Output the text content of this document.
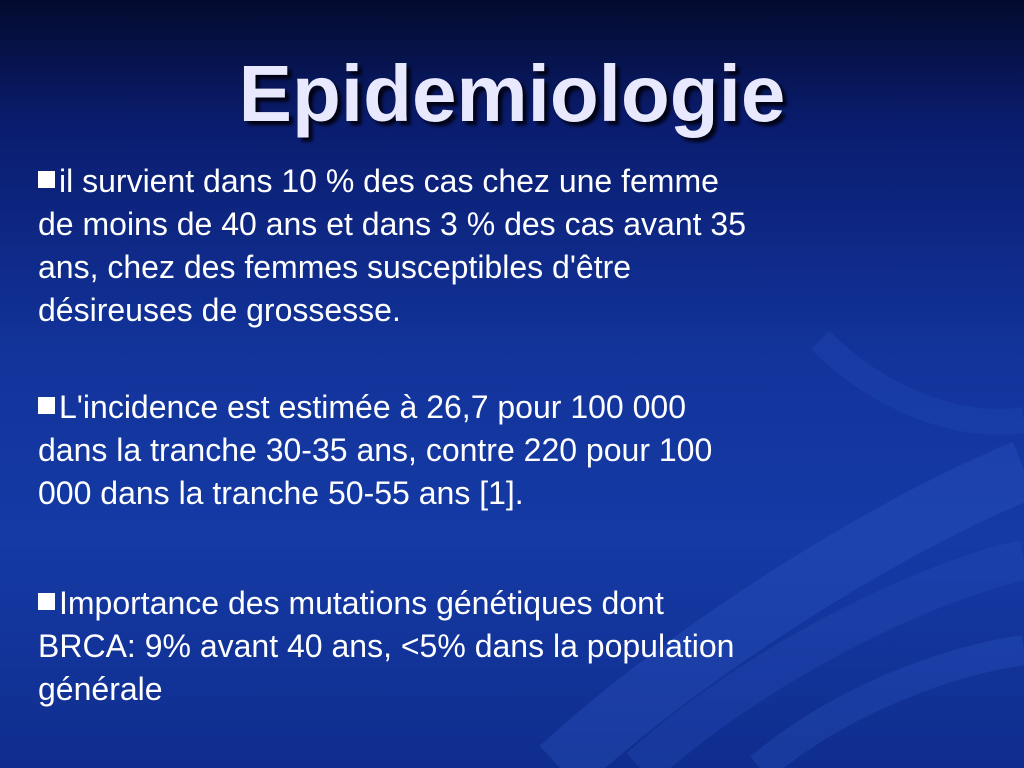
Epidemiologie
il survient dans 10 % des cas chez une femme
de moins de 40 ans et dans 3 % des cas avant 35
ans, chez des femmes susceptibles d'être
désireuses de grossesse.
L'incidence est estimée à 26,7 pour 100 000
dans la tranche 30-35 ans, contre 220 pour 100
000 dans la tranche 50-55 ans [1].
Importance des mutations génétiques dont
BRCA: 9% avant 40 ans, <5% dans la population
générale
